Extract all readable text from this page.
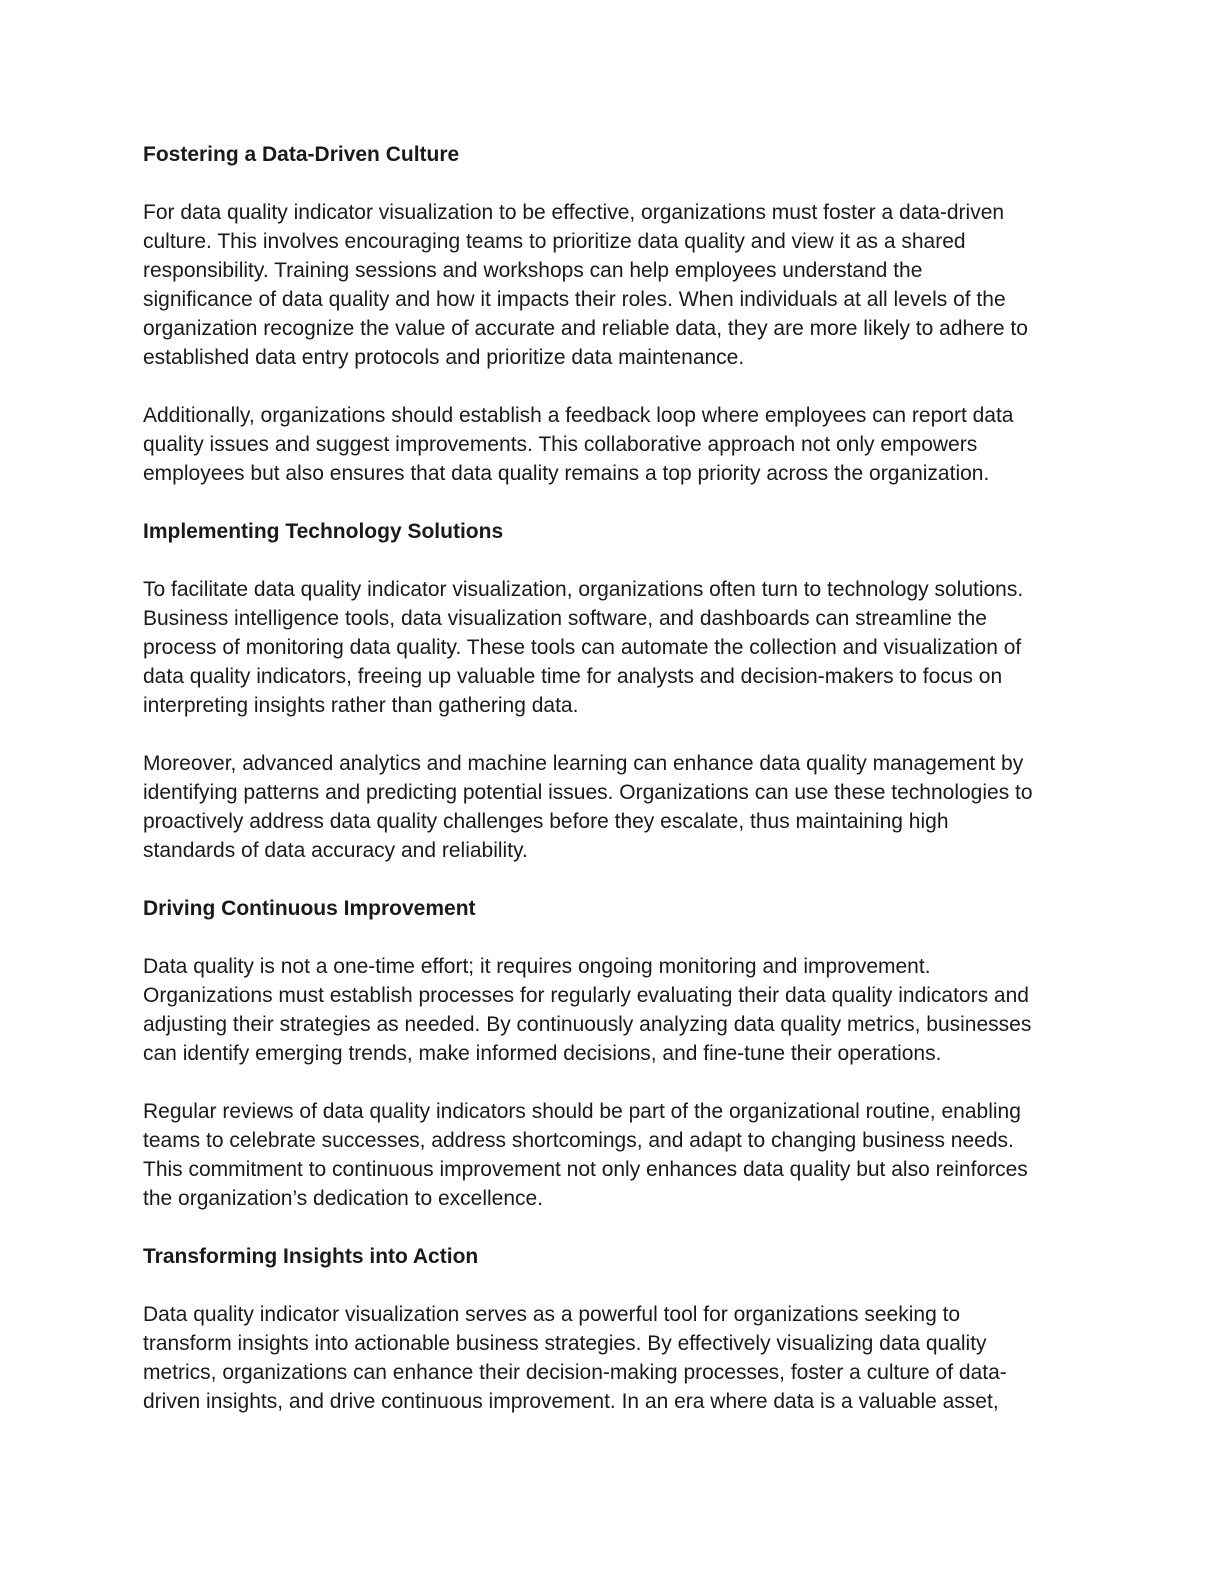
Fostering a Data-Driven Culture
For data quality indicator visualization to be effective, organizations must foster a data-driven
culture. This involves encouraging teams to prioritize data quality and view it as a shared
responsibility. Training sessions and workshops can help employees understand the
significance of data quality and how it impacts their roles. When individuals at all levels of the
organization recognize the value of accurate and reliable data, they are more likely to adhere to
established data entry protocols and prioritize data maintenance.
Additionally, organizations should establish a feedback loop where employees can report data
quality issues and suggest improvements. This collaborative approach not only empowers
employees but also ensures that data quality remains a top priority across the organization.
Implementing Technology Solutions
To facilitate data quality indicator visualization, organizations often turn to technology solutions.
Business intelligence tools, data visualization software, and dashboards can streamline the
process of monitoring data quality. These tools can automate the collection and visualization of
data quality indicators, freeing up valuable time for analysts and decision-makers to focus on
interpreting insights rather than gathering data.
Moreover, advanced analytics and machine learning can enhance data quality management by
identifying patterns and predicting potential issues. Organizations can use these technologies to
proactively address data quality challenges before they escalate, thus maintaining high
standards of data accuracy and reliability.
Driving Continuous Improvement
Data quality is not a one-time effort; it requires ongoing monitoring and improvement.
Organizations must establish processes for regularly evaluating their data quality indicators and
adjusting their strategies as needed. By continuously analyzing data quality metrics, businesses
can identify emerging trends, make informed decisions, and fine-tune their operations.
Regular reviews of data quality indicators should be part of the organizational routine, enabling
teams to celebrate successes, address shortcomings, and adapt to changing business needs.
This commitment to continuous improvement not only enhances data quality but also reinforces
the organization’s dedication to excellence.
Transforming Insights into Action
Data quality indicator visualization serves as a powerful tool for organizations seeking to
transform insights into actionable business strategies. By effectively visualizing data quality
metrics, organizations can enhance their decision-making processes, foster a culture of data-
driven insights, and drive continuous improvement. In an era where data is a valuable asset,
